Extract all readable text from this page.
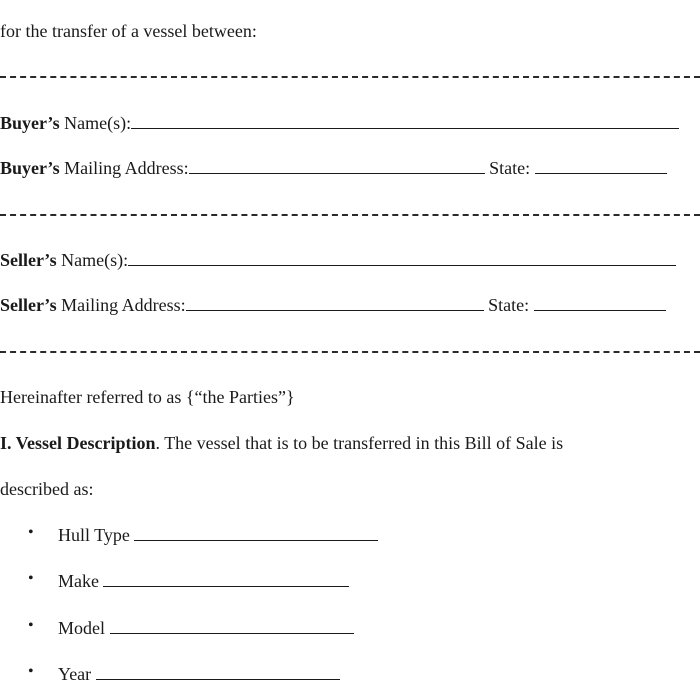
for the transfer of a vessel between:
Buyer’s Name(s):
Buyer’s Mailing Address:	State:
Seller’s Name(s):
Seller’s Mailing Address:	State:
Hereinafter referred to as {“the Parties”}
I. Vessel Description. The vessel that is to be transferred in this Bill of Sale is
described as:
• Hull Type
• Make
• Model
• Year
